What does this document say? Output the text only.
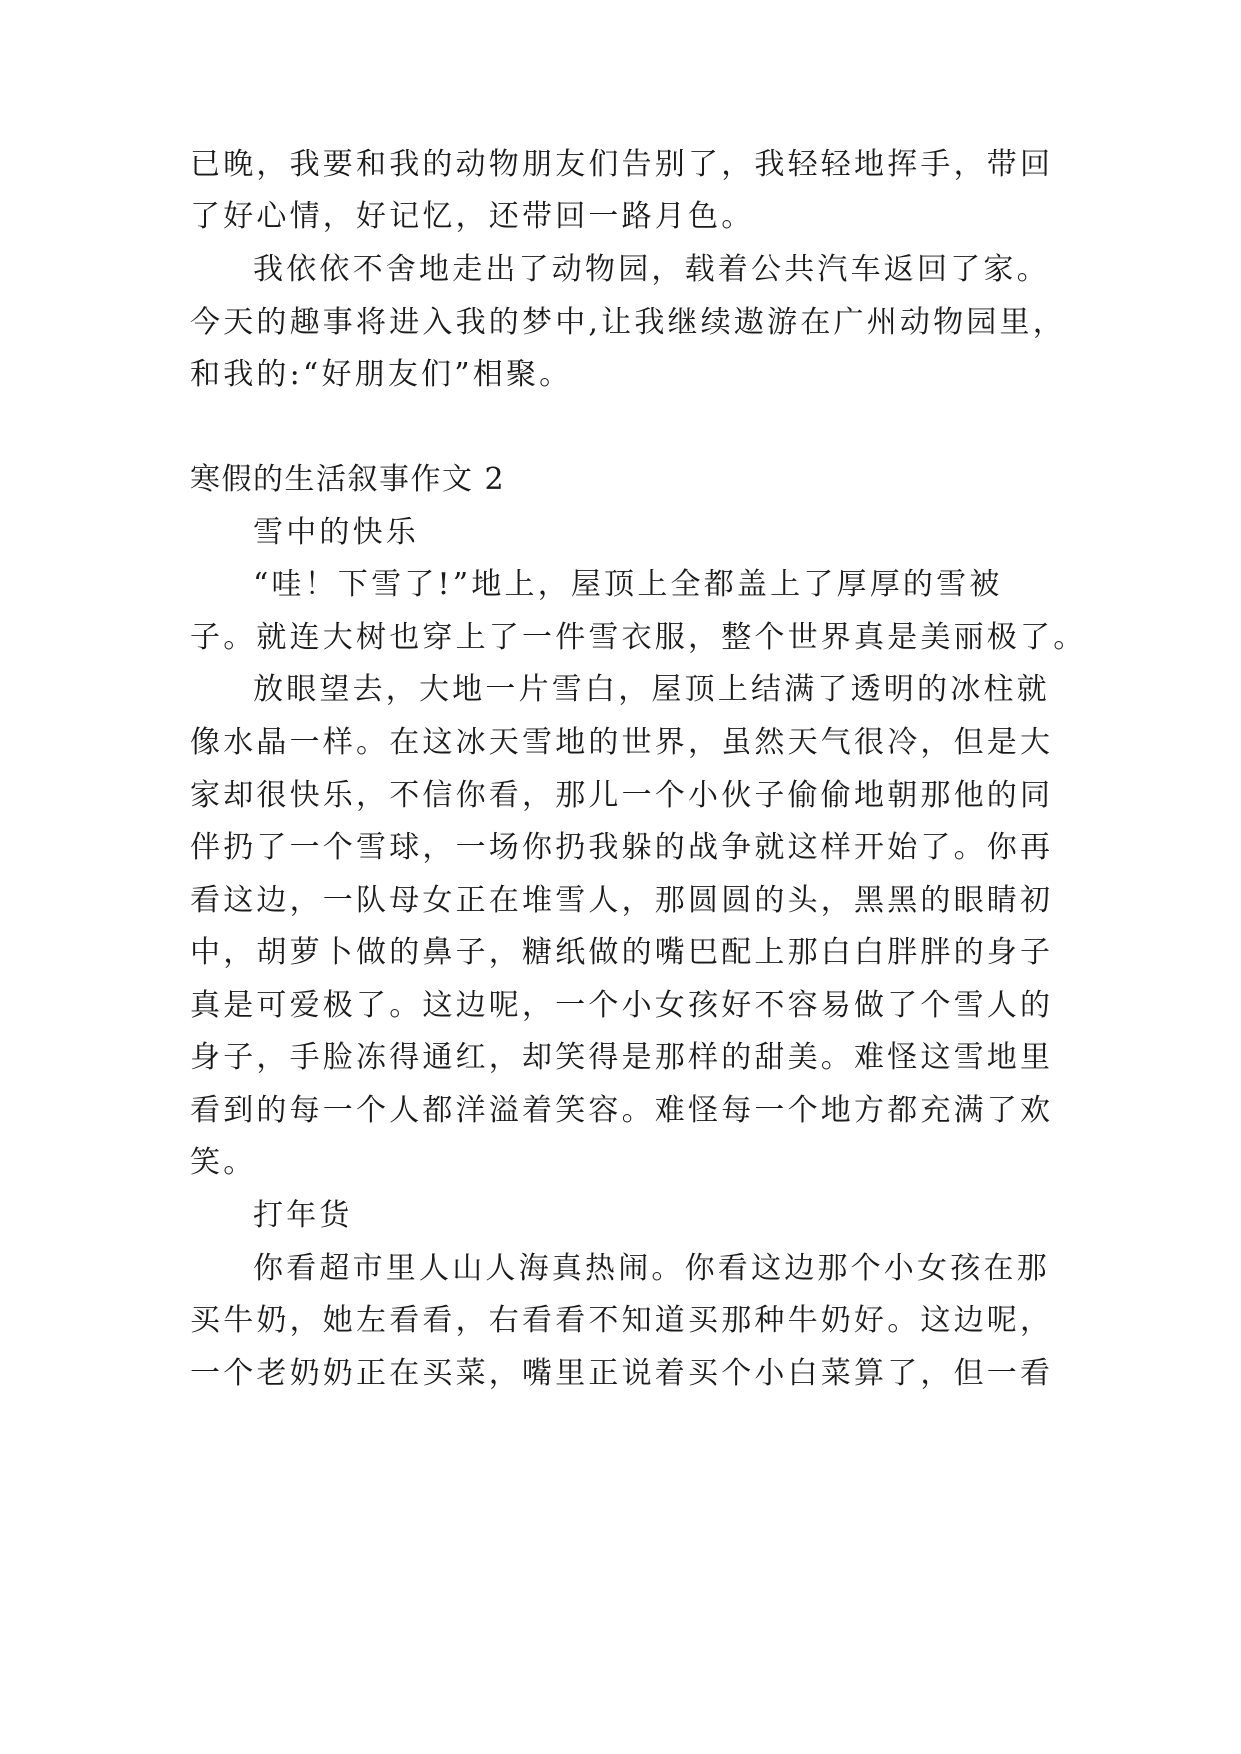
已晚，我要和我的动物朋友们告别了，我轻轻地挥手，带回
了好心情，好记忆，还带回一路月色。
我依依不舍地走出了动物园，载着公共汽车返回了家。
今天的趣事将进入我的梦中,让我继续遨游在广州动物园里，
和我的:“好朋友们”相聚。
寒假的生活叙事作文 2
雪中的快乐
“哇！下雪了!”地上，屋顶上全都盖上了厚厚的雪被
子。就连大树也穿上了一件雪衣服，整个世界真是美丽极了。
放眼望去，大地一片雪白，屋顶上结满了透明的冰柱就
像水晶一样。在这冰天雪地的世界，虽然天气很冷，但是大
家却很快乐，不信你看，那儿一个小伙子偷偷地朝那他的同
伴扔了一个雪球，一场你扔我躲的战争就这样开始了。你再
看这边，一队母女正在堆雪人，那圆圆的头，黑黑的眼睛初
中，胡萝卜做的鼻子，糖纸做的嘴巴配上那白白胖胖的身子
真是可爱极了。这边呢，一个小女孩好不容易做了个雪人的
身子，手脸冻得通红，却笑得是那样的甜美。难怪这雪地里
看到的每一个人都洋溢着笑容。难怪每一个地方都充满了欢
笑。
打年货
你看超市里人山人海真热闹。你看这边那个小女孩在那
买牛奶，她左看看，右看看不知道买那种牛奶好。这边呢，
一个老奶奶正在买菜，嘴里正说着买个小白菜算了，但一看
